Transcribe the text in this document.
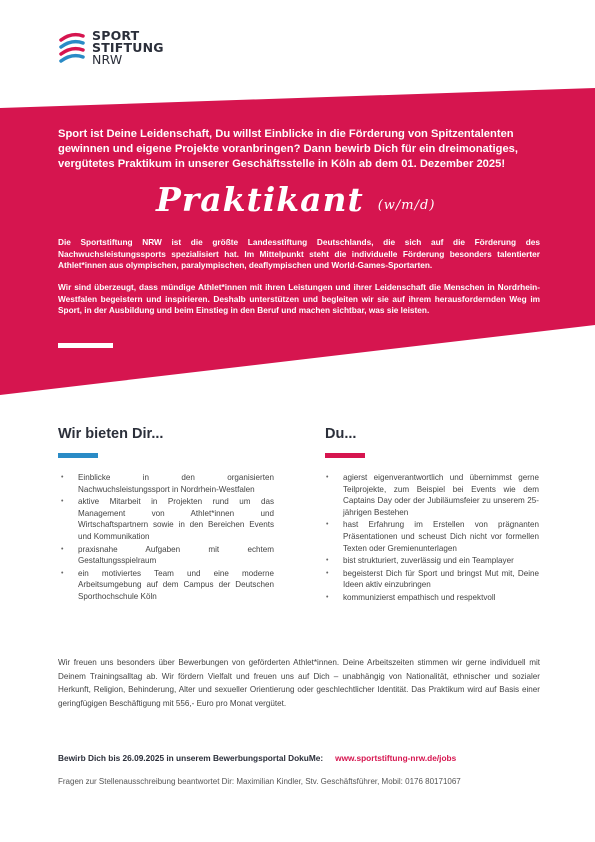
SPORT
STIFTUNG
NRW
Sport ist Deine Leidenschaft, Du willst Einblicke in die Förderung von Spitzentalenten gewinnen und eigene Projekte voranbringen? Dann bewirb Dich für ein dreimonatiges, vergütetes Praktikum in unserer Geschäftsstelle in Köln ab dem 01. Dezember 2025!
Praktikant (w/m/d)
Die Sportstiftung NRW ist die größte Landesstiftung Deutschlands, die sich auf die Förderung des Nachwuchsleistungssports spezialisiert hat. Im Mittelpunkt steht die individuelle Förderung besonders talentierter Athlet*innen aus olympischen, paralympischen, deaflympischen und World-Games-Sportarten.
Wir sind überzeugt, dass mündige Athlet*innen mit ihren Leistungen und ihrer Leidenschaft die Menschen in Nordrhein-Westfalen begeistern und inspirieren. Deshalb unterstützen und begleiten wir sie auf ihrem herausfordernden Weg im Sport, in der Ausbildung und beim Einstieg in den Beruf und machen sichtbar, was sie leisten.
Wir bieten Dir...
• Einblicke in den organisierten Nachwuchsleistungssport in Nordrhein-Westfalen
• aktive Mitarbeit in Projekten rund um das Management von Athlet*innen und Wirtschaftspartnern sowie in den Bereichen Events und Kommunikation
• praxisnahe Aufgaben mit echtem Gestaltungsspielraum
• ein motiviertes Team und eine moderne Arbeitsumgebung auf dem Campus der Deutschen Sporthochschule Köln
Du...
• agierst eigenverantwortlich und übernimmst gerne Teilprojekte, zum Beispiel bei Events wie dem Captains Day oder der Jubiläumsfeier zu unserem 25-jährigen Bestehen
• hast Erfahrung im Erstellen von prägnanten Präsentationen und scheust Dich nicht vor formellen Texten oder Gremienunterlagen
• bist strukturiert, zuverlässig und ein Teamplayer
• begeisterst Dich für Sport und bringst Mut mit, Deine Ideen aktiv einzubringen
• kommunizierst empathisch und respektvoll
Wir freuen uns besonders über Bewerbungen von geförderten Athlet*innen. Deine Arbeitszeiten stimmen wir gerne individuell mit Deinem Trainingsalltag ab. Wir fördern Vielfalt und freuen uns auf Dich – unabhängig von Nationalität, ethnischer und sozialer Herkunft, Religion, Behinderung, Alter und sexueller Orientierung oder geschlechtlicher Identität. Das Praktikum wird auf Basis einer geringfügigen Beschäftigung mit 556,- Euro pro Monat vergütet.
Bewirb Dich bis 26.09.2025 in unserem Bewerbungsportal DokuMe: www.sportstiftung-nrw.de/jobs
Fragen zur Stellenausschreibung beantwortet Dir: Maximilian Kindler, Stv. Geschäftsführer, Mobil: 0176 80171067
